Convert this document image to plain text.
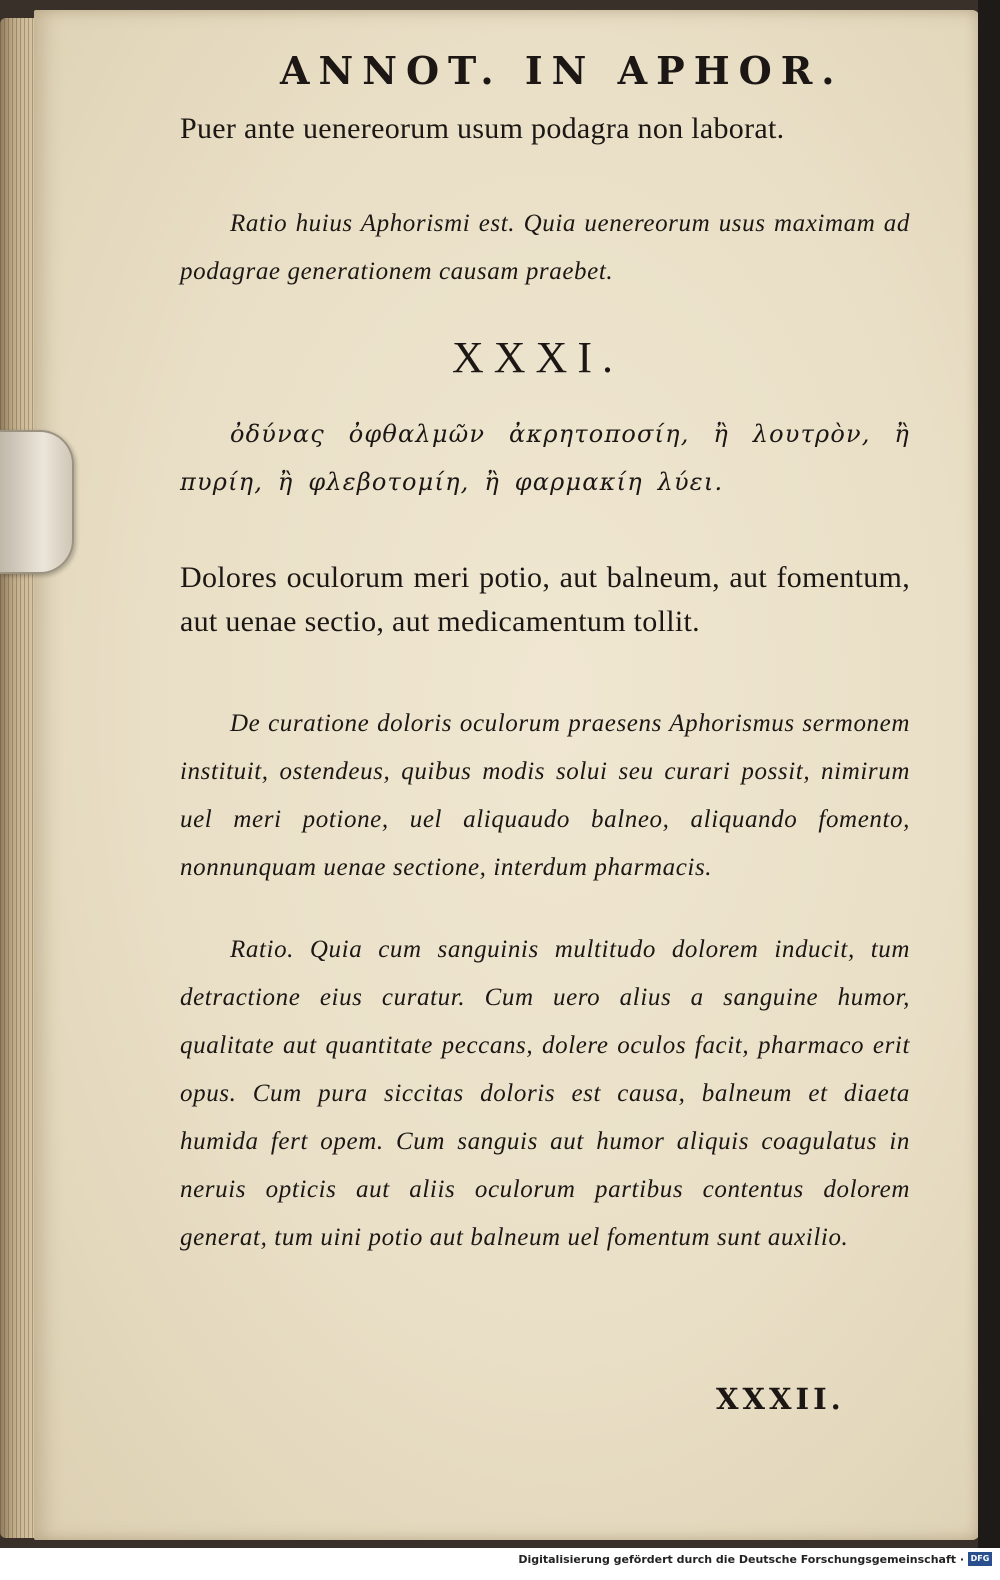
ANNOT. IN APHOR.
Puer ante uenereorum usum podagra non laborat.
Ratio huius Aphorismi est. Quia uenereorum usus maximam ad podagrae generationem causam praebet.
XXXI.
ὀδύνας ὀφθαλμῶν ἀκρητοποσίη, ἢ λουτρὸν, ἢ πυρίη, ἢ φλεβοτομίη, ἢ φαρμακίη λύει.
Dolores oculorum meri potio, aut balneum, aut fomentum, aut uenae sectio, aut medicamentum tollit.
De curatione doloris oculorum praesens Aphorismus sermonem instituit, ostendeus, quibus modis solui seu curari possit, nimirum uel meri potione, uel aliquaudo balneo, aliquando fomento, nonnunquam uenae sectione, interdum pharmacis.
Ratio. Quia cum sanguinis multitudo dolorem inducit, tum detractione eius curatur. Cum uero alius a sanguine humor, qualitate aut quantitate peccans, dolere oculos facit, pharmaco erit opus. Cum pura siccitas doloris est causa, balneum et diaeta humida fert opem. Cum sanguis aut humor aliquis coagulatus in neruis opticis aut aliis oculorum partibus contentus dolorem generat, tum uini potio aut balneum uel fomentum sunt auxilio.
XXXII.
Digitalisierung gefördert durch die Deutsche Forschungsgemeinschaft · DFG
